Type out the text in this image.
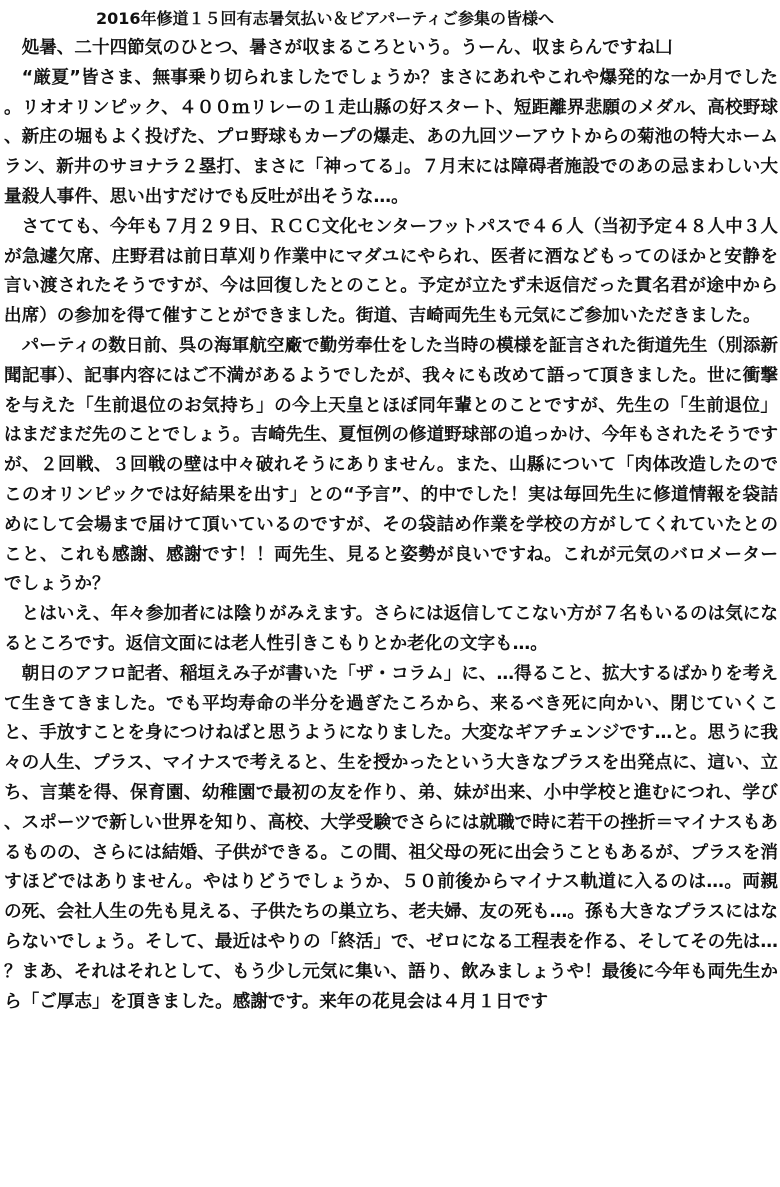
2016年修道１５回有志暑気払い＆ビアパーティご参集の皆様へ

処暑、二十四節気のひとつ、暑さが収まるころという。うーん、収まらんですね凵

“厳夏”皆さま、無事乗り切られましたでしょうか？まさにあれやこれや爆発的な一か月でした。リオオリンピック、４００ｍリレーの１走山縣の好スタート、短距離界悲願のメダル、高校野球、新庄の堀もよく投げた、プロ野球もカープの爆走、あの九回ツーアウトからの菊池の特大ホームラン、新井のサヨナラ２塁打、まさに「神ってる」。７月末には障碍者施設でのあの忌まわしい大量殺人事件、思い出すだけでも反吐が出そうな…。

さてても、今年も７月２９日、ＲＣＣ文化センターフットパスで４６人（当初予定４８人中３人が急遽欠席、庄野君は前日草刈り作業中にマダユにやられ、医者に酒などもってのほかと安静を言い渡されたそうですが、今は回復したとのこと。予定が立たず未返信だった貫名君が途中から出席）の参加を得て催すことができました。街道、吉崎両先生も元気にご参加いただきました。

パーティの数日前、呉の海軍航空廠で勤労奉仕をした当時の模様を証言された街道先生（別添新聞記事）、記事内容にはご不満があるようでしたが、我々にも改めて語って頂きました。世に衝撃を与えた「生前退位のお気持ち」の今上天皇とほぼ同年輩とのことですが、先生の「生前退位」はまだまだ先のことでしょう。吉崎先生、夏恒例の修道野球部の追っかけ、今年もされたそうですが、２回戦、３回戦の壁は中々破れそうにありません。また、山縣について「肉体改造したのでこのオリンピックでは好結果を出す」との“予言”、的中でした！実は毎回先生に修道情報を袋詰めにして会場まで届けて頂いているのですが、その袋詰め作業を学校の方がしてくれていたとのこと、これも感謝、感謝です！！両先生、見ると姿勢が良いですね。これが元気のバロメーターでしょうか？

とはいえ、年々参加者には陰りがみえます。さらには返信してこない方が７名もいるのは気になるところです。返信文面には老人性引きこもりとか老化の文字も…。

朝日のアフロ記者、稲垣えみ子が書いた「ザ・コラム」に、…得ること、拡大するばかりを考えて生きてきました。でも平均寿命の半分を過ぎたころから、来るべき死に向かい、閉じていくこと、手放すことを身につけねばと思うようになりました。大変なギアチェンジです…と。思うに我々の人生、プラス、マイナスで考えると、生を授かったという大きなプラスを出発点に、這い、立ち、言葉を得、保育園、幼稚園で最初の友を作り、弟、妹が出来、小中学校と進むにつれ、学び、スポーツで新しい世界を知り、高校、大学受験でさらには就職で時に若干の挫折＝マイナスもあるものの、さらには結婚、子供ができる。この間、祖父母の死に出会うこともあるが、プラスを消すほどではありません。やはりどうでしょうか、５０前後からマイナス軌道に入るのは…。両親の死、会社人生の先も見える、子供たちの巣立ち、老夫婦、友の死も…。孫も大きなプラスにはならないでしょう。そして、最近はやりの「終活」で、ゼロになる工程表を作る、そしてその先は…？まあ、それはそれとして、もう少し元気に集い、語り、飲みましょうや！最後に今年も両先生から「ご厚志」を頂きました。感謝です。来年の花見会は４月１日です
